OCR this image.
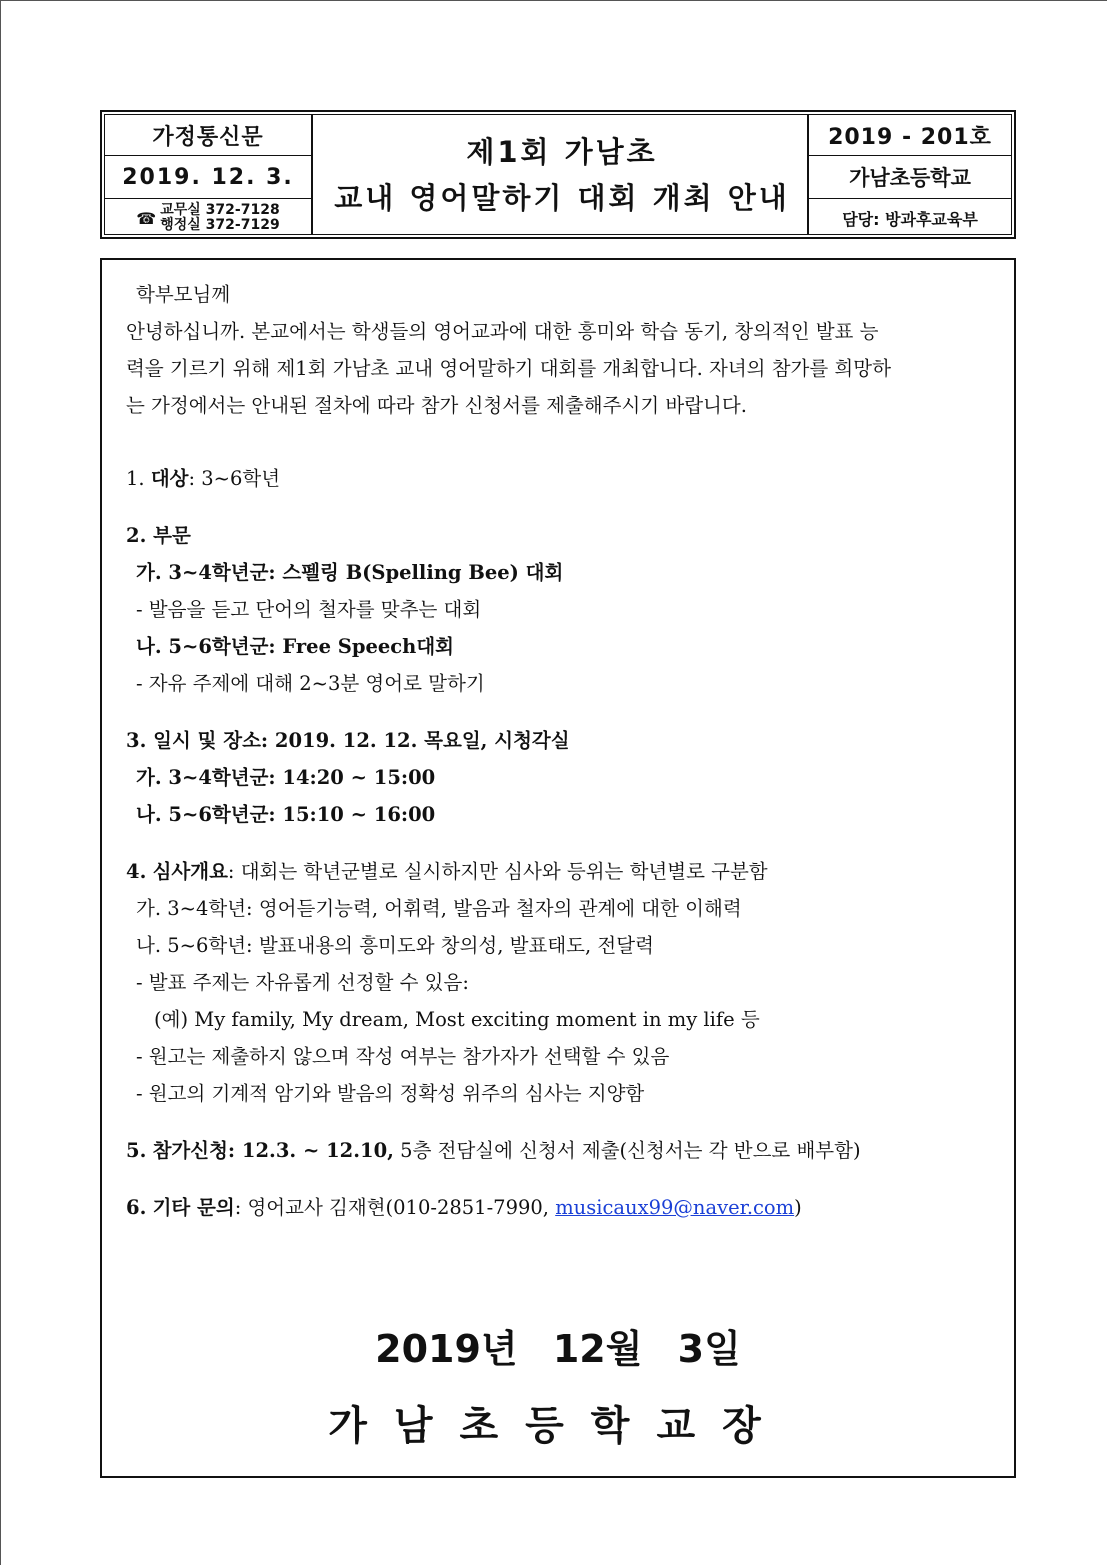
가정통신문
2019. 12. 3.
☎ 교무실 372-7128
행정실 372-7129
제1회 가남초
교내 영어말하기 대회 개최 안내
2019 - 201호
가남초등학교
담당: 방과후교육부
학부모님께
안녕하십니까. 본교에서는 학생들의 영어교과에 대한 흥미와 학습 동기, 창의적인 발표 능
력을 기르기 위해 제1회 가남초 교내 영어말하기 대회를 개최합니다. 자녀의 참가를 희망하
는 가정에서는 안내된 절차에 따라 참가 신청서를 제출해주시기 바랍니다.
1. 대상: 3~6학년
2. 부문
가. 3~4학년군: 스펠링 B(Spelling Bee) 대회
- 발음을 듣고 단어의 철자를 맞추는 대회
나. 5~6학년군: Free Speech대회
- 자유 주제에 대해 2~3분 영어로 말하기
3. 일시 및 장소: 2019. 12. 12. 목요일, 시청각실
가. 3~4학년군: 14:20 ~ 15:00
나. 5~6학년군: 15:10 ~ 16:00
4. 심사개요: 대회는 학년군별로 실시하지만 심사와 등위는 학년별로 구분함
가. 3~4학년: 영어듣기능력, 어휘력, 발음과 철자의 관계에 대한 이해력
나. 5~6학년: 발표내용의 흥미도와 창의성, 발표태도, 전달력
- 발표 주제는 자유롭게 선정할 수 있음:
(예) My family, My dream, Most exciting moment in my life 등
- 원고는 제출하지 않으며 작성 여부는 참가자가 선택할 수 있음
- 원고의 기계적 암기와 발음의 정확성 위주의 심사는 지양함
5. 참가신청: 12.3. ~ 12.10, 5층 전담실에 신청서 제출(신청서는 각 반으로 배부함)
6. 기타 문의: 영어교사 김재현(010-2851-7990, musicaux99@naver.com)
2019년 12월 3일
가남초등학교장
